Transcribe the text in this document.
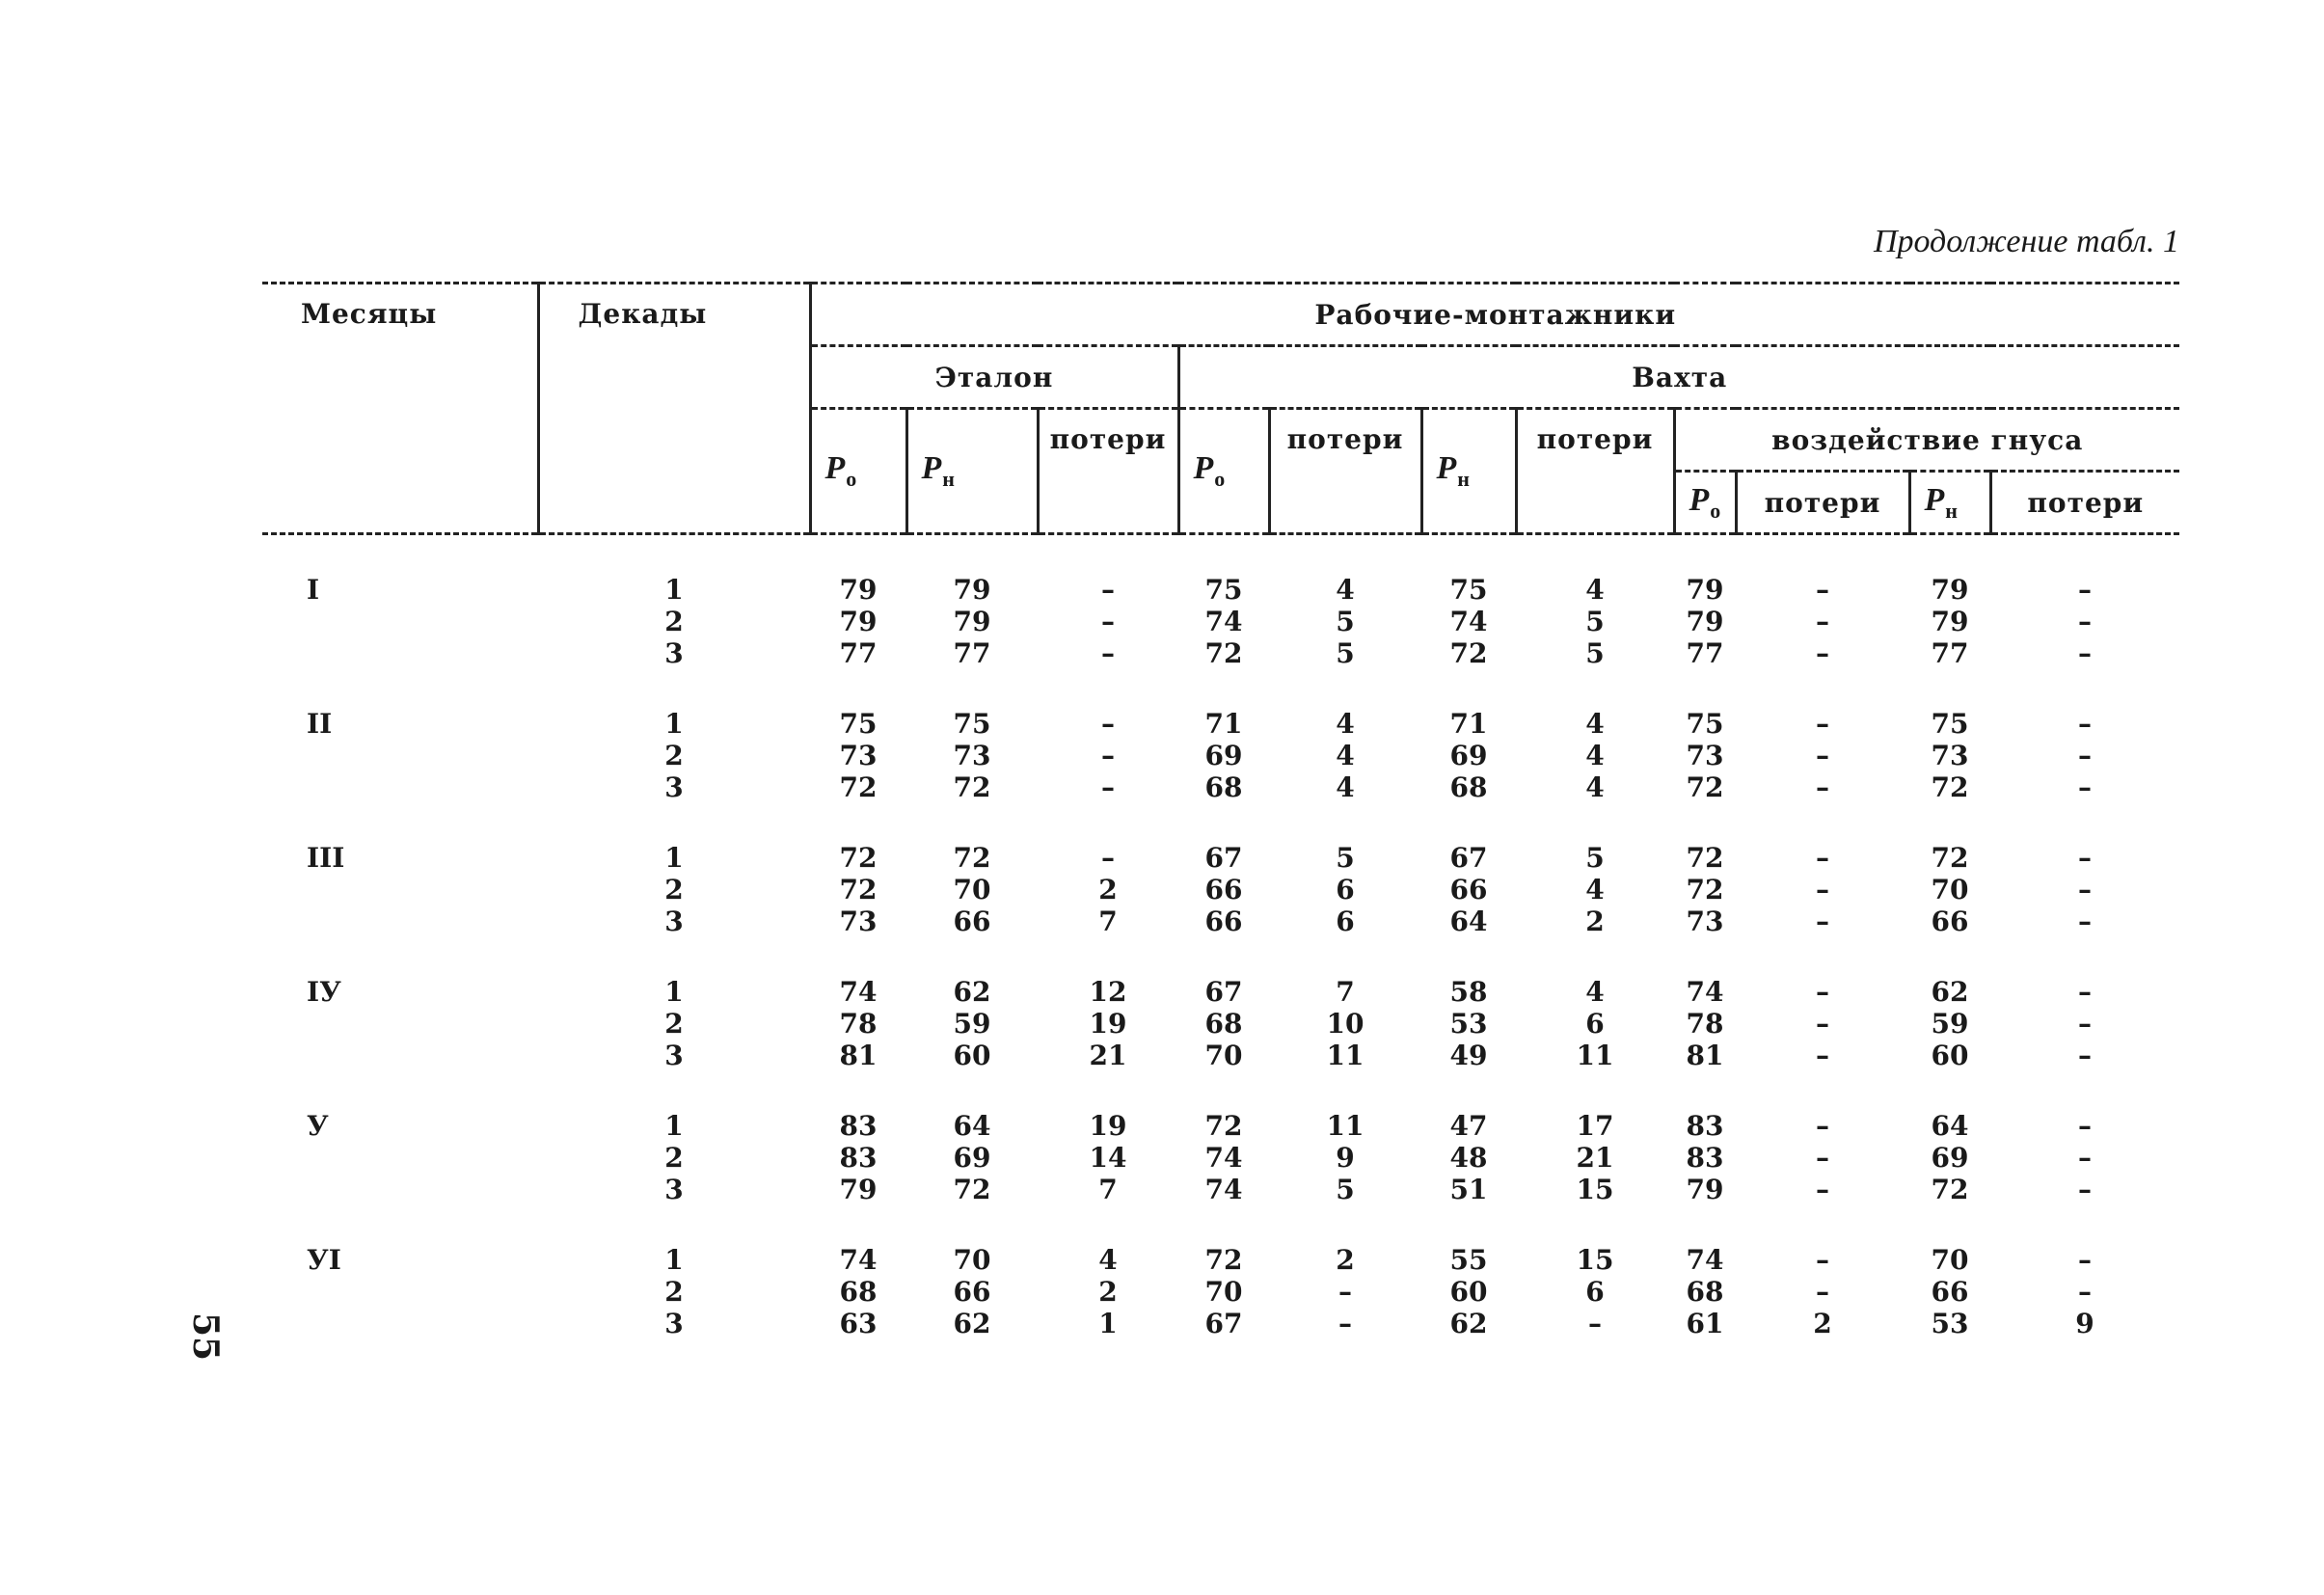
Продолжение табл. 1

55

Месяцы	Декады	Рабочие-монтажники										
		Эталон			Вахта							
		$P_о$	$P_н$	потери	$P_о$	потери	$P_н$	потери	воздействие гнуса			
									$P_о$	потери	$P_н$	потери
I	1	79	79	–	75	4	75	4	79	–	79	–
	2	79	79	–	74	5	74	5	79	–	79	–
	3	77	77	–	72	5	72	5	77	–	77	–
II	1	75	75	–	71	4	71	4	75	–	75	–
	2	73	73	–	69	4	69	4	73	–	73	–
	3	72	72	–	68	4	68	4	72	–	72	–
III	1	72	72	–	67	5	67	5	72	–	72	–
	2	72	70	2	66	6	66	4	72	–	70	–
	3	73	66	7	66	6	64	2	73	–	66	–
IУ	1	74	62	12	67	7	58	4	74	–	62	–
	2	78	59	19	68	10	53	6	78	–	59	–
	3	81	60	21	70	11	49	11	81	–	60	–
У	1	83	64	19	72	11	47	17	83	–	64	–
	2	83	69	14	74	9	48	21	83	–	69	–
	3	79	72	7	74	5	51	15	79	–	72	–
УI	1	74	70	4	72	2	55	15	74	–	70	–
	2	68	66	2	70	–	60	6	68	–	66	–
	3	63	62	1	67	–	62	–	61	2	53	9
